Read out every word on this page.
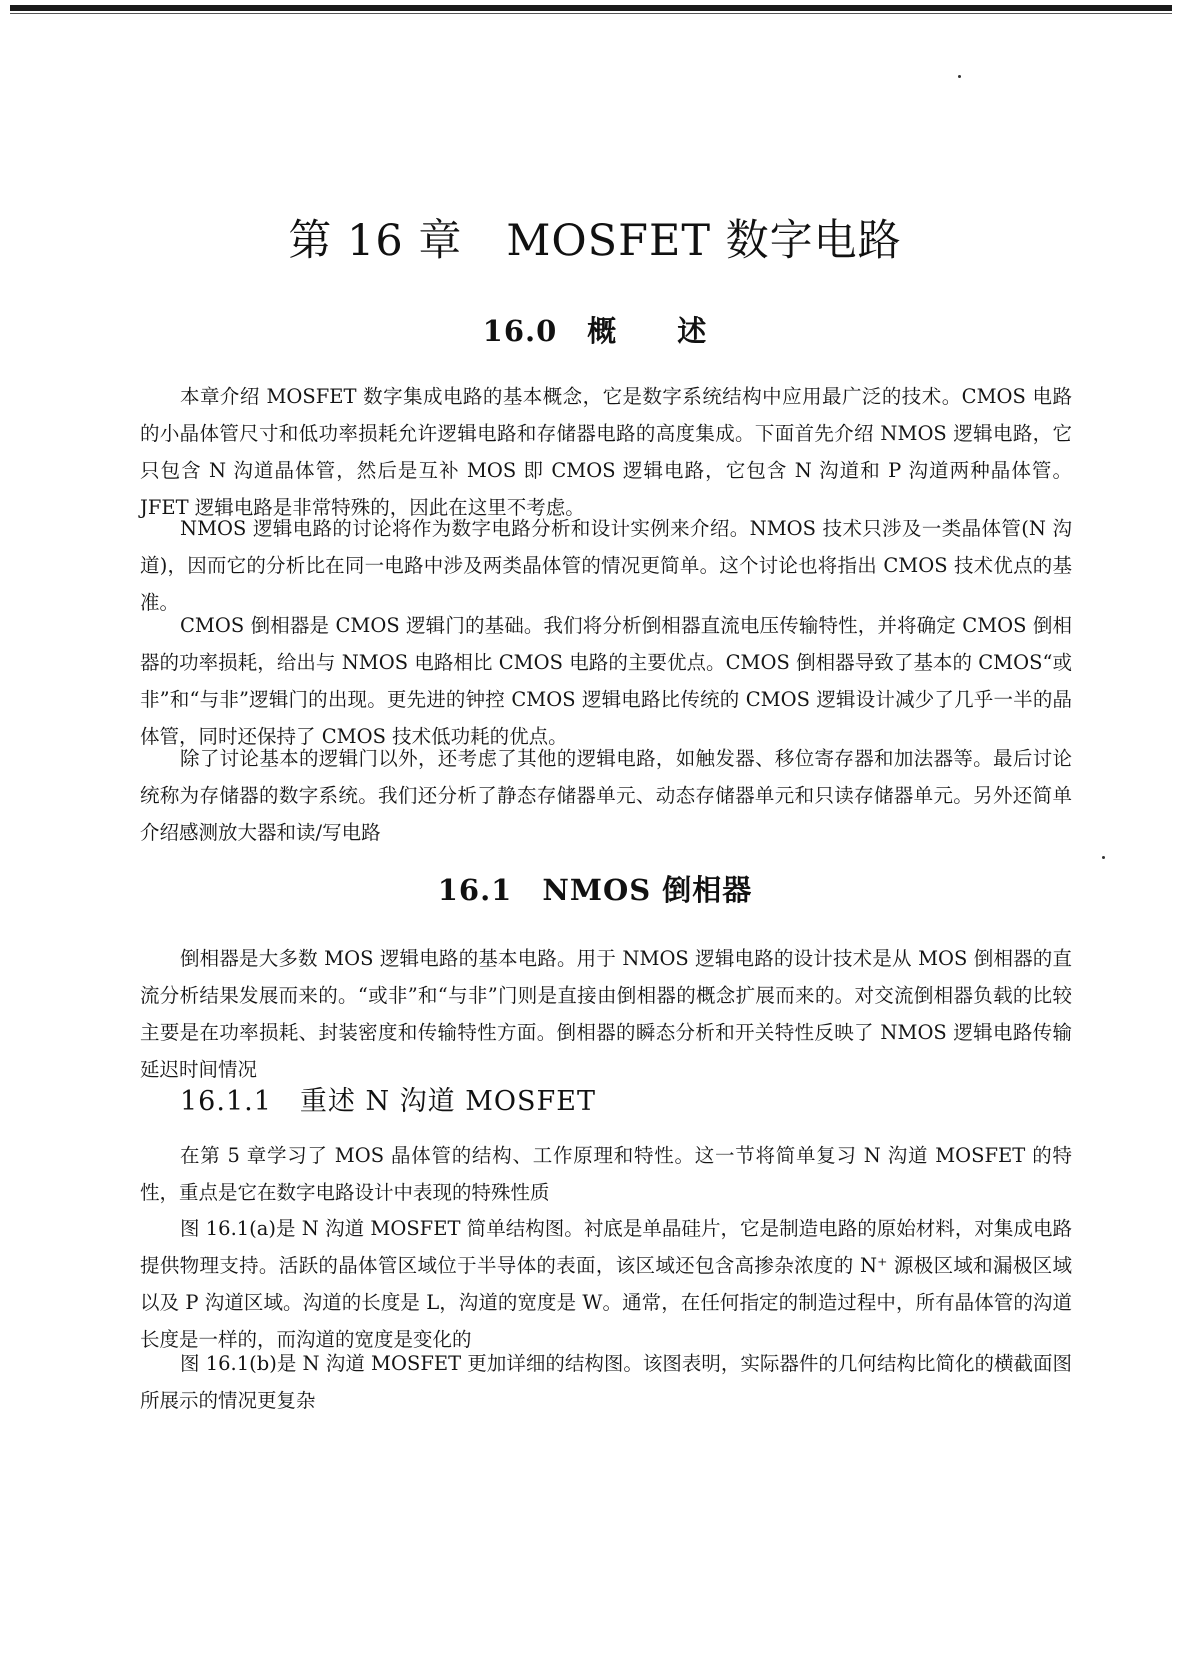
第 16 章　MOSFET 数字电路
16.0　概　　述

本章介绍 MOSFET 数字集成电路的基本概念，它是数字系统结构中应用最广泛的技术。CMOS 电路的小晶体管尺寸和低功率损耗允许逻辑电路和存储器电路的高度集成。下面首先介绍 NMOS 逻辑电路，它只包含 N 沟道晶体管，然后是互补 MOS 即 CMOS 逻辑电路，它包含 N 沟道和 P 沟道两种晶体管。JFET 逻辑电路是非常特殊的，因此在这里不考虑。

NMOS 逻辑电路的讨论将作为数字电路分析和设计实例来介绍。NMOS 技术只涉及一类晶体管(N 沟道)，因而它的分析比在同一电路中涉及两类晶体管的情况更简单。这个讨论也将指出 CMOS 技术优点的基准。

CMOS 倒相器是 CMOS 逻辑门的基础。我们将分析倒相器直流电压传输特性，并将确定 CMOS 倒相器的功率损耗，给出与 NMOS 电路相比 CMOS 电路的主要优点。CMOS 倒相器导致了基本的 CMOS“或非”和“与非”逻辑门的出现。更先进的钟控 CMOS 逻辑电路比传统的 CMOS 逻辑设计减少了几乎一半的晶体管，同时还保持了 CMOS 技术低功耗的优点。

除了讨论基本的逻辑门以外，还考虑了其他的逻辑电路，如触发器、移位寄存器和加法器等。最后讨论统称为存储器的数字系统。我们还分析了静态存储器单元、动态存储器单元和只读存储器单元。另外还简单介绍感测放大器和读/写电路

16.1　NMOS 倒相器

倒相器是大多数 MOS 逻辑电路的基本电路。用于 NMOS 逻辑电路的设计技术是从 MOS 倒相器的直流分析结果发展而来的。“或非”和“与非”门则是直接由倒相器的概念扩展而来的。对交流倒相器负载的比较主要是在功率损耗、封装密度和传输特性方面。倒相器的瞬态分析和开关特性反映了 NMOS 逻辑电路传输延迟时间情况

16.1.1　重述 N 沟道 MOSFET

在第 5 章学习了 MOS 晶体管的结构、工作原理和特性。这一节将简单复习 N 沟道 MOSFET 的特性，重点是它在数字电路设计中表现的特殊性质

图 16.1(a)是 N 沟道 MOSFET 简单结构图。衬底是单晶硅片，它是制造电路的原始材料，对集成电路提供物理支持。活跃的晶体管区域位于半导体的表面，该区域还包含高掺杂浓度的 N⁺ 源极区域和漏极区域以及 P 沟道区域。沟道的长度是 L，沟道的宽度是 W。通常，在任何指定的制造过程中，所有晶体管的沟道长度是一样的，而沟道的宽度是变化的

图 16.1(b)是 N 沟道 MOSFET 更加详细的结构图。该图表明，实际器件的几何结构比简化的横截面图所展示的情况更复杂
